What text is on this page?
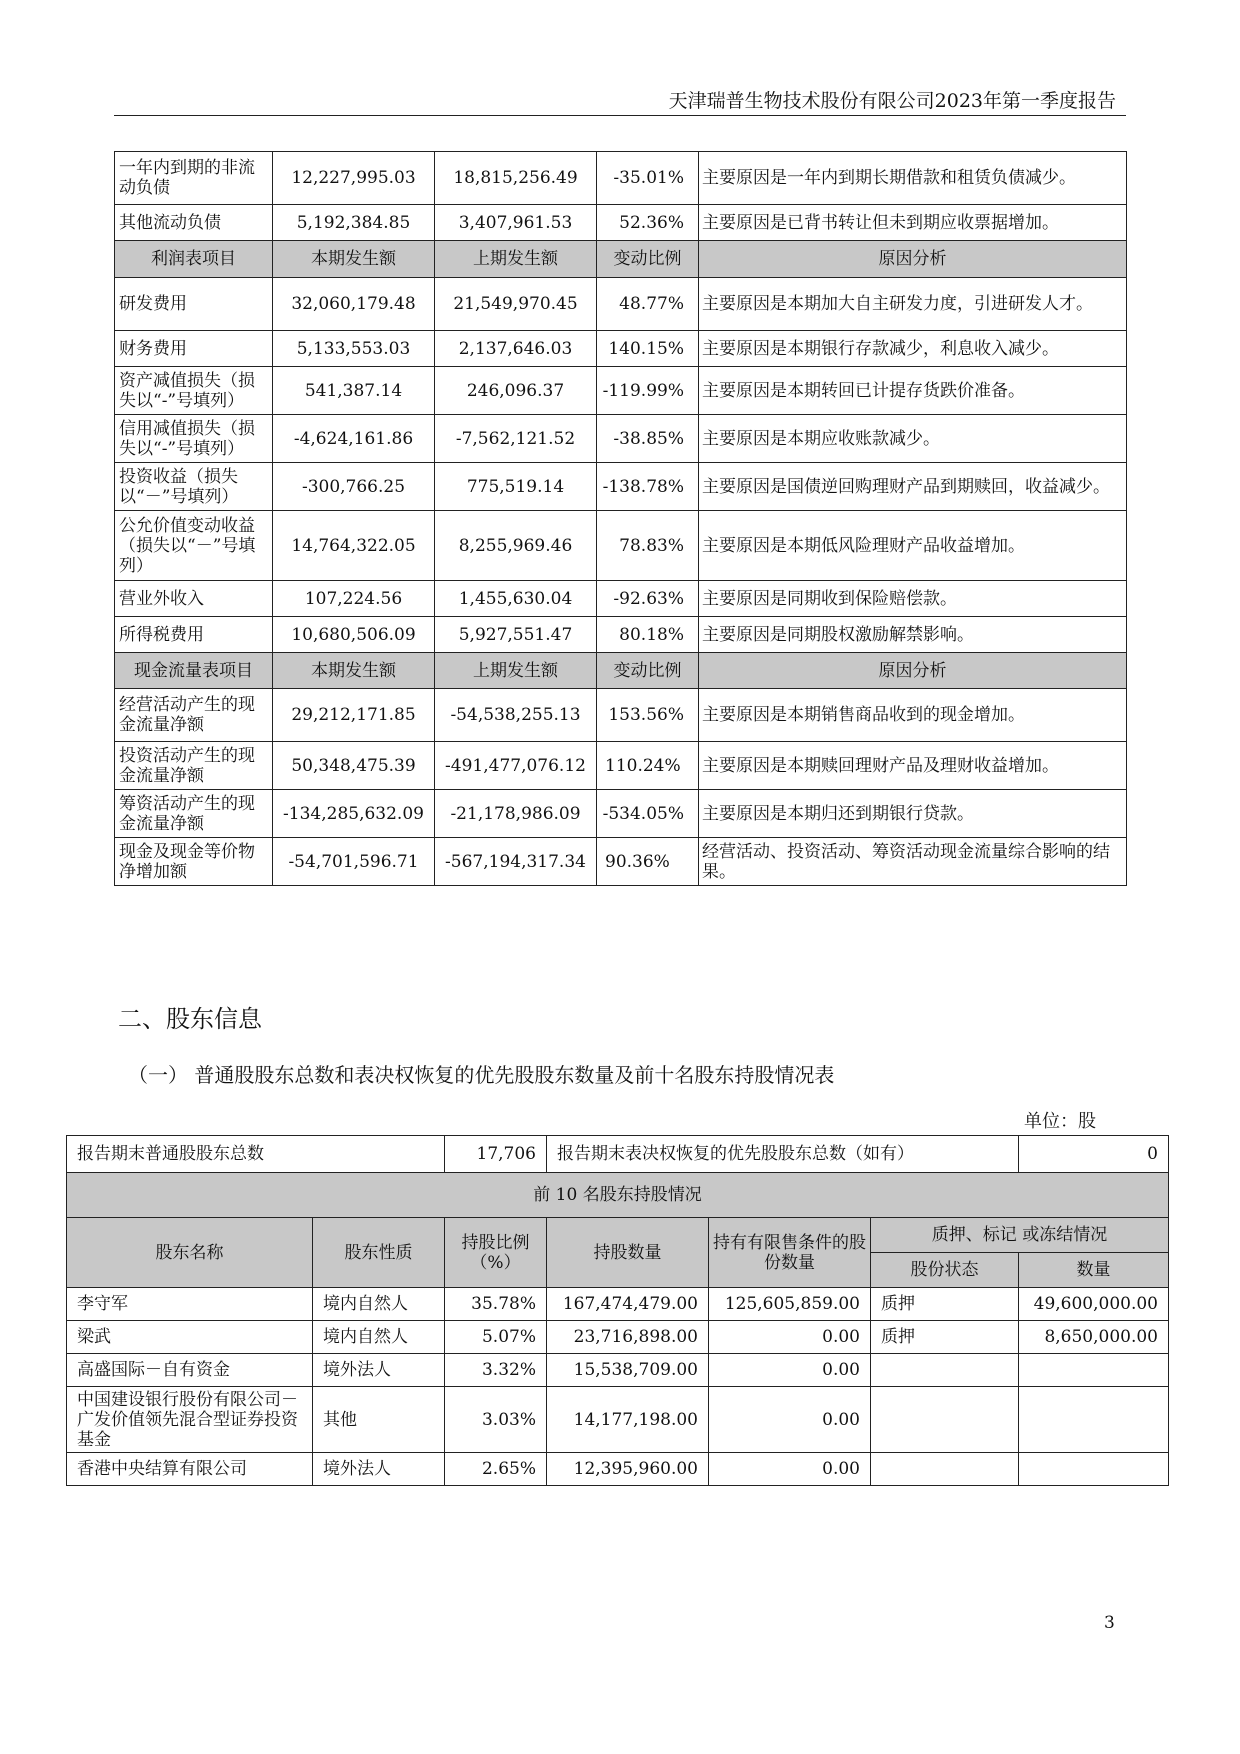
天津瑞普生物技术股份有限公司2023年第一季度报告
一年内到期的非流动负债	12,227,995.03	18,815,256.49	-35.01%	主要原因是一年内到期长期借款和租赁负债减少。
其他流动负债	5,192,384.85	3,407,961.53	52.36%	主要原因是已背书转让但未到期应收票据增加。
利润表项目	本期发生额	上期发生额	变动比例	原因分析
研发费用	32,060,179.48	21,549,970.45	48.77%	主要原因是本期加大自主研发力度，引进研发人才。
财务费用	5,133,553.03	2,137,646.03	140.15%	主要原因是本期银行存款减少，利息收入减少。
资产减值损失（损失以“-”号填列）	541,387.14	246,096.37	-119.99%	主要原因是本期转回已计提存货跌价准备。
信用减值损失（损失以“-”号填列）	-4,624,161.86	-7,562,121.52	-38.85%	主要原因是本期应收账款减少。
投资收益（损失以“－”号填列）	-300,766.25	775,519.14	-138.78%	主要原因是国债逆回购理财产品到期赎回，收益减少。
公允价值变动收益（损失以“－”号填列）	14,764,322.05	8,255,969.46	78.83%	主要原因是本期低风险理财产品收益增加。
营业外收入	107,224.56	1,455,630.04	-92.63%	主要原因是同期收到保险赔偿款。
所得税费用	10,680,506.09	5,927,551.47	80.18%	主要原因是同期股权激励解禁影响。
现金流量表项目	本期发生额	上期发生额	变动比例	原因分析
经营活动产生的现金流量净额	29,212,171.85	-54,538,255.13	153.56%	主要原因是本期销售商品收到的现金增加。
投资活动产生的现金流量净额	50,348,475.39	-491,477,076.12	110.24%	主要原因是本期赎回理财产品及理财收益增加。
筹资活动产生的现金流量净额	-134,285,632.09	-21,178,986.09	-534.05%	主要原因是本期归还到期银行贷款。
现金及现金等价物净增加额	-54,701,596.71	-567,194,317.34	90.36%	经营活动、投资活动、筹资活动现金流量综合影响的结果。
二、股东信息
（一） 普通股股东总数和表决权恢复的优先股股东数量及前十名股东持股情况表
单位：股
报告期末普通股股东总数		17,706	报告期末表决权恢复的优先股股东总数（如有）			0
前 10 名股东持股情况						
股东名称	股东性质	持股比例（%）	持股数量	持有有限售条件的股份数量	质押、标记 或冻结情况	
					股份状态	数量
李守军	境内自然人	35.78%	167,474,479.00	125,605,859.00	质押	49,600,000.00
梁武	境内自然人	5.07%	23,716,898.00	0.00	质押	8,650,000.00
高盛国际－自有资金	境外法人	3.32%	15,538,709.00	0.00		
中国建设银行股份有限公司－广发价值领先混合型证券投资基金	其他	3.03%	14,177,198.00	0.00		
香港中央结算有限公司	境外法人	2.65%	12,395,960.00	0.00		
3
